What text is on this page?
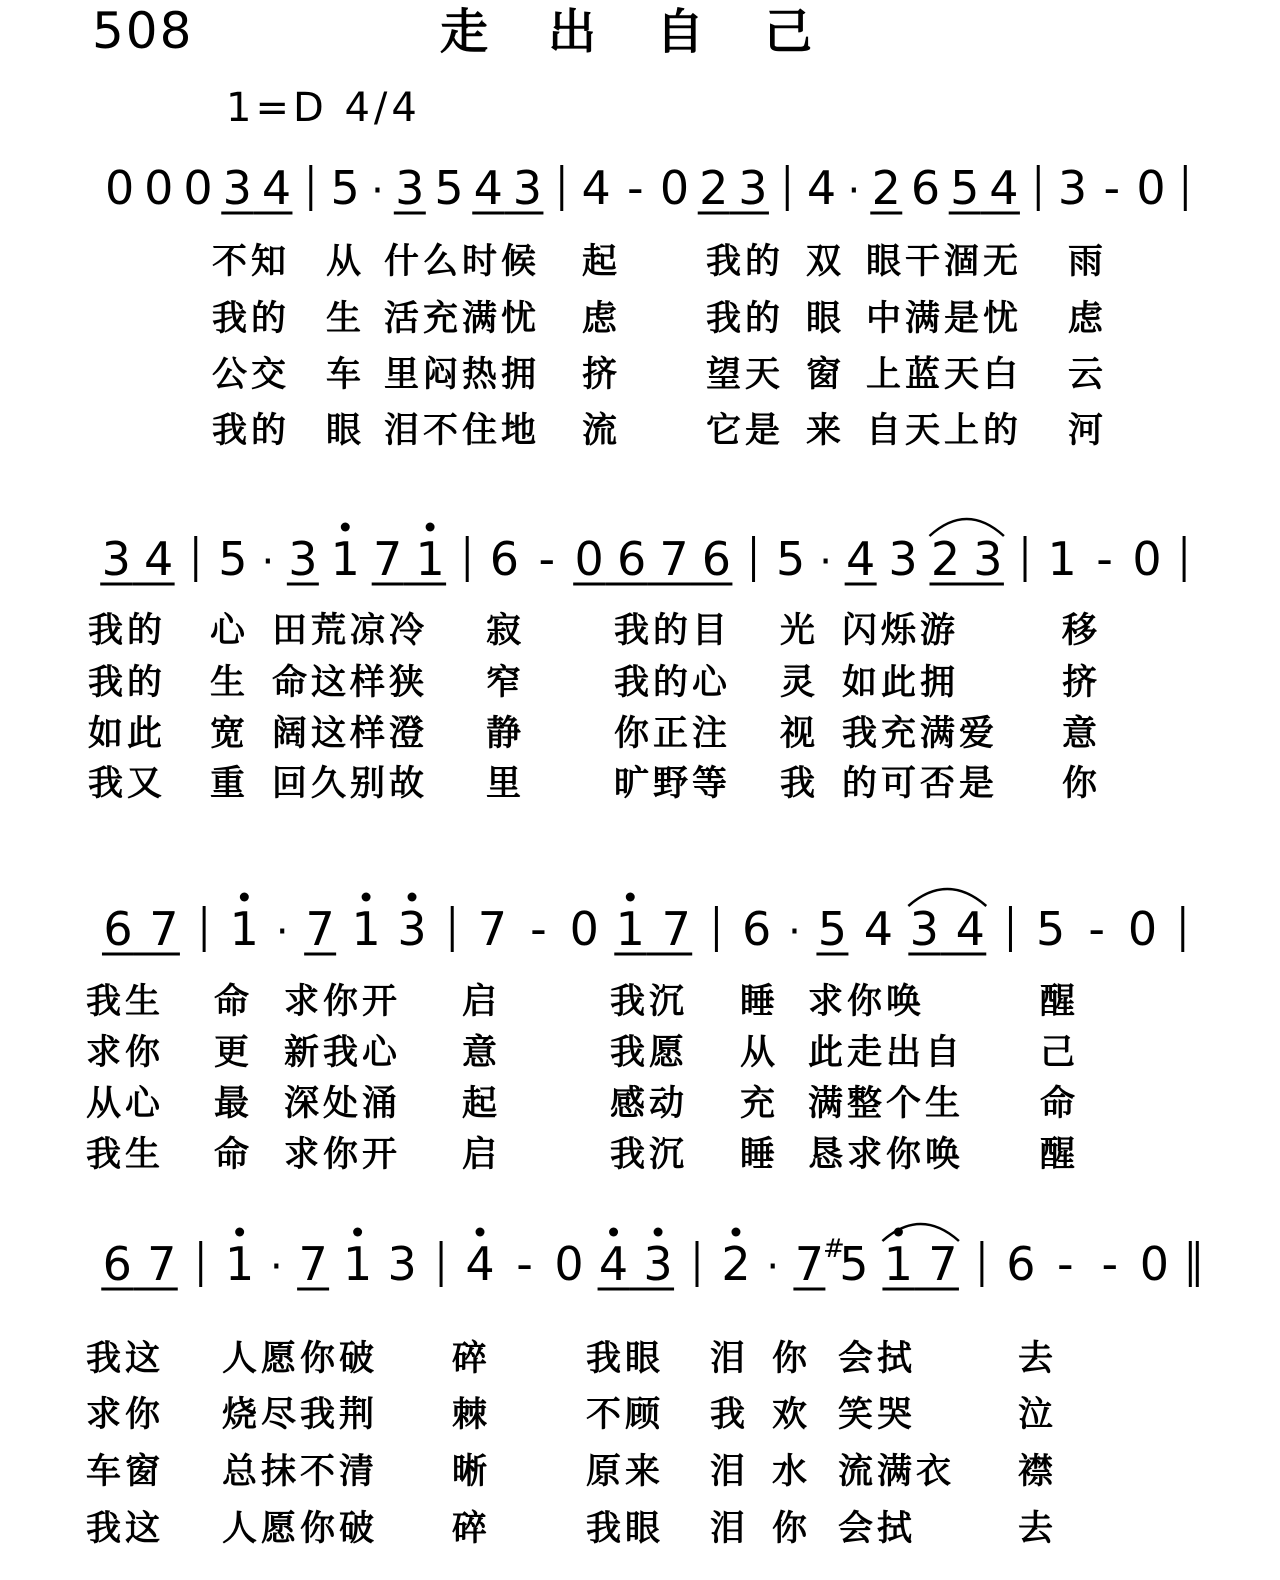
508	走出自己
1=D 4/4
0 0 0 3 4 5 · 3 5 4 3 4 - 0 2 3 4 · 2 6 5 4 3 - 0
不知 从 什么时候 起	我的 双 眼干涸无 雨
我的 生 活充满忧 虑	我的 眼 中满是忧 虑
公交 车 里闷热拥 挤	望天 窗 上蓝天白 云
我的 眼 泪不住地 流	它是 来 自天上的 河
3 4 5 · 3 1 7 1 6 - 0 6 7 6 5 · 4 3 2 3 1 - 0
我的 心 田荒凉冷 寂	我的目 光 闪烁游	移
我的 生 命这样狭 窄	我的心 灵 如此拥	挤
如此 宽 阔这样澄 静	你正注 视 我充满爱 意
我又 重 回久别故 里	旷野等 我 的可否是 你
6 7 1 · 7 1 3 7 - 0 1 7 6 · 5 4 3 4 5 - 0
我生 命 求你开 启	我沉 睡 求你唤	醒
求你 更 新我心 意	我愿 从 此走出自 己
从心 最 深处涌 起	感动 充 满整个生 命
我生 命 求你开 启	我沉 睡 恳求你唤 醒
6 7 1 · 7 1 3 4 - 0 4 3 2 · 7 5
# 1 7 6 - - 0
我这 人愿你破 碎	我眼 泪 你 会拭	去
求你 烧尽我荆 棘	不顾 我 欢 笑哭	泣
车窗 总抹不清 晰	原来 泪 水 流满衣 襟
我这 人愿你破 碎	我眼 泪 你 会拭	去
